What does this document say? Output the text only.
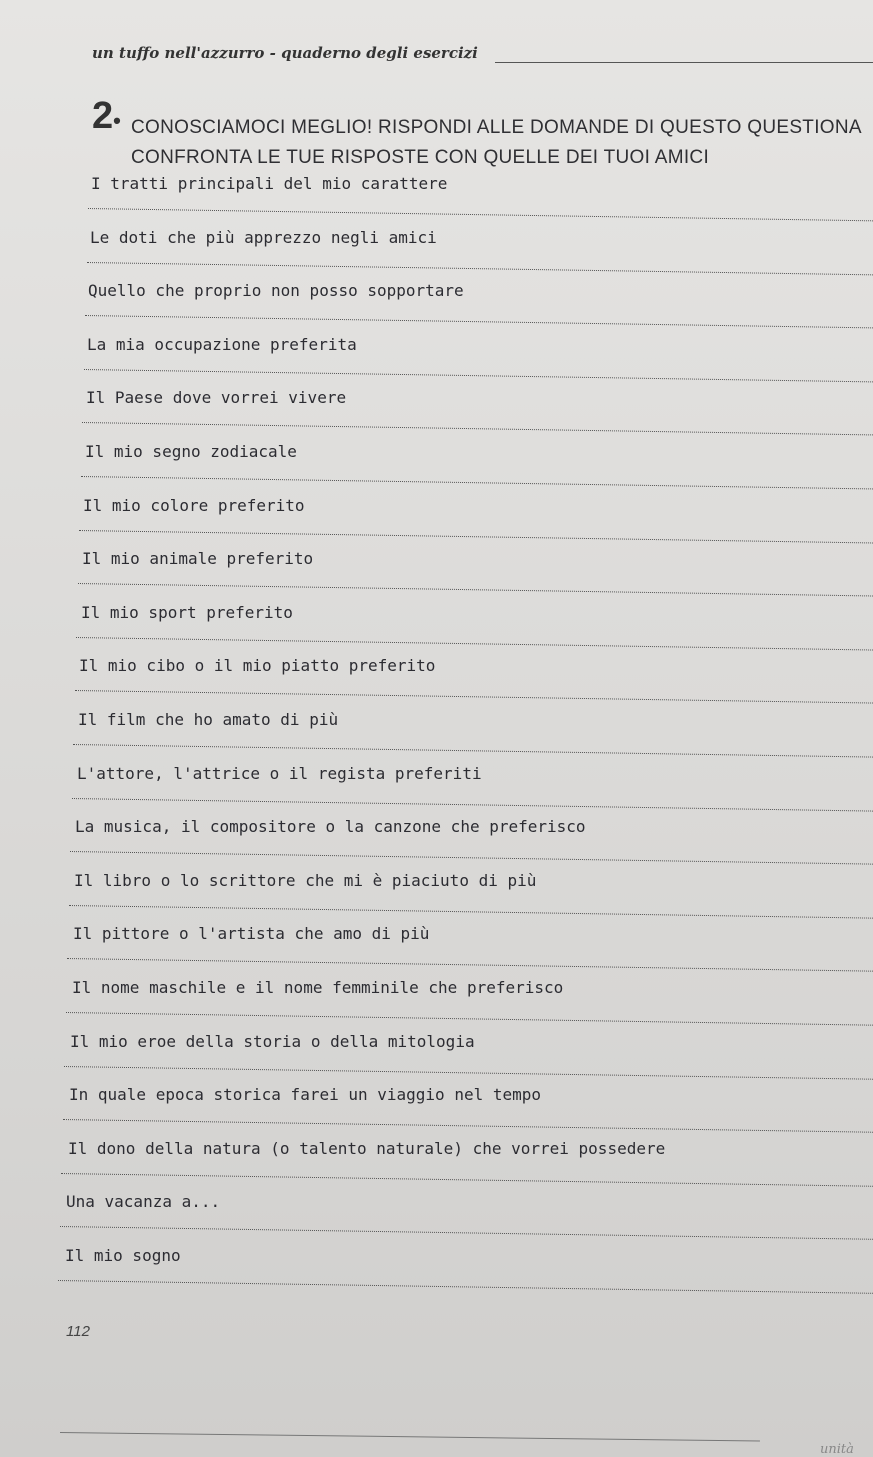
un tuffo nell'azzurro - quaderno degli esercizi
2• CONOSCIAMOCI MEGLIO! RISPONDI ALLE DOMANDE DI QUESTO QUESTIONA
CONFRONTA LE TUE RISPOSTE CON QUELLE DEI TUOI AMICI
I tratti principali del mio carattere
Le doti che più apprezzo negli amici
Quello che proprio non posso sopportare
La mia occupazione preferita
Il Paese dove vorrei vivere
Il mio segno zodiacale
Il mio colore preferito
Il mio animale preferito
Il mio sport preferito
Il mio cibo o il mio piatto preferito
Il film che ho amato di più
L'attore, l'attrice o il regista preferiti
La musica, il compositore o la canzone che preferisco
Il libro o lo scrittore che mi è piaciuto di più
Il pittore o l'artista che amo di più
Il nome maschile e il nome femminile che preferisco
Il mio eroe della storia o della mitologia
In quale epoca storica farei un viaggio nel tempo
Il dono della natura (o talento naturale) che vorrei possedere
Una vacanza a...
Il mio sogno
112
unità
